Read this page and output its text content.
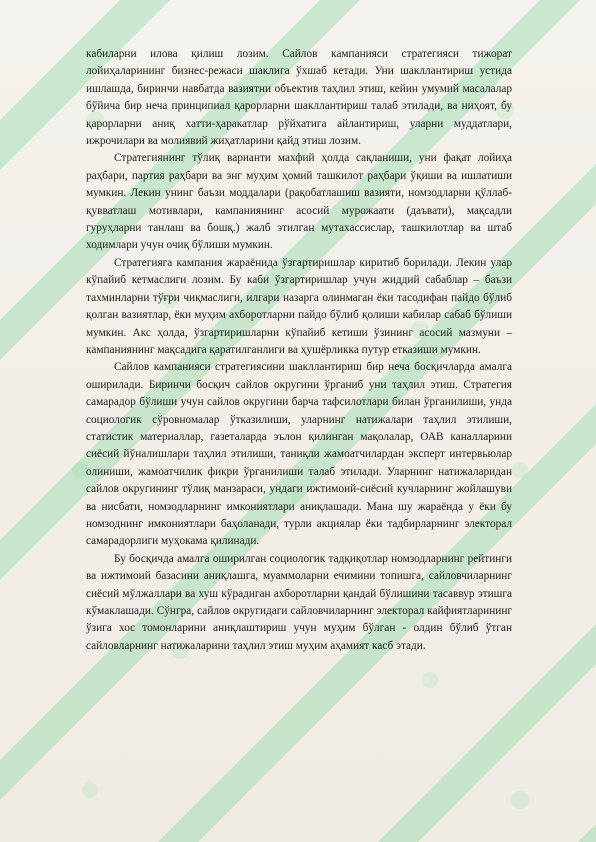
кабиларни илова қилиш лозим. Сайлов кампанияси стратегияси тижорат лойиҳаларининг бизнес-режаси шаклига ўхшаб кетади. Уни шакллантириш устида ишлашда, биринчи навбатда вазиятни объектив таҳлил этиш, кейин умумий масалалар бўйича бир неча принципиал қарорларни шакллантириш талаб этилади, ва ниҳоят, бу қарорларни аниқ хатти-ҳаракатлар рўйхатига айлантириш, уларни муддатлари, ижрочилари ва молиявий жиҳатларини қайд этиш лозим.

Стратегиянинг тўлиқ варианти махфий ҳолда сақланиши, уни фақат лойиҳа раҳбари, партия раҳбари ва энг муҳим ҳомий ташкилот раҳбари ўқиши ва ишлатиши мумкин. Лекин унинг баъзи моддалари (рақобатлашиш вазияти, номзодларни қўллаб-қувватлаш мотивлари, кампаниянинг асосий мурожаати (даъвати), мақсадли гуруҳларни танлаш ва бошқ.) жалб этилган мутахассислар, ташкилотлар ва штаб ходимлари учун очиқ бўлиши мумкин.

Стратегияга кампания жараёнида ўзгартиришлар киритиб борилади. Лекин улар кўпайиб кетмаслиги лозим. Бу каби ўзгартиришлар учун жиддий сабаблар – баъзи тахминларни тўғри чиқмаслиги, илгари назарга олинмаган ёки тасодифан пайдо бўлиб қолган вазиятлар, ёки муҳим ахборотларни пайдо бўлиб қолиши кабилар сабаб бўлиши мумкин. Акс ҳолда, ўзгартиришларни кўпайиб кетиши ўзининг асосий мазмуни – кампаниянинг мақсадига қаратилганлиги ва ҳушёрликка путур етказиши мумкин.

Сайлов кампанияси стратегиясини шакллантириш бир неча босқичларда амалга оширилади. Биринчи босқич сайлов округини ўрганиб уни таҳлил этиш. Стратегия самарадор бўлиши учун сайлов округини барча тафсилотлари билан ўрганилиши, унда социологик сўровномалар ўтказилиши, уларнинг натижалари таҳлил этилиши, статистик материаллар, газеталарда эълон қилинган мақолалар, ОАВ каналларини сиёсий йўналишлари таҳлил этилиши, таниқли жамоатчилардан эксперт интервьюлар олиниши, жамоатчилик фикри ўрганилиши талаб этилади. Уларнинг натижаларидан сайлов округининг тўлиқ манзараси, ундаги ижтимоий-сиёсий кучларнинг жойлашуви ва нисбати, номзодларнинг имкониятлари аниқлашади. Мана шу жараёнда у ёки бу номзоднинг имкониятлари баҳоланади, турли акциялар ёки тадбирларнинг электорал самарадорлиги муҳокама қилинади.

Бу босқичда амалга оширилган социологик тадқиқотлар номзодларнинг рейтинги ва ижтимоий базасини аниқлашга, муаммоларни ечимини топишга, сайловчиларнинг сиёсий мўлжаллари ва хуш кўрадиган ахборотларни қандай бўлишини тасаввур этишга кўмаклашади. Сўнгра, сайлов округидаги сайловчиларнинг электорал кайфиятларининг ўзига хос томонларини аниқлаштириш учун муҳим бўлган - олдин бўлиб ўтган сайловларнинг натижаларини таҳлил этиш муҳим аҳамият касб этади.
